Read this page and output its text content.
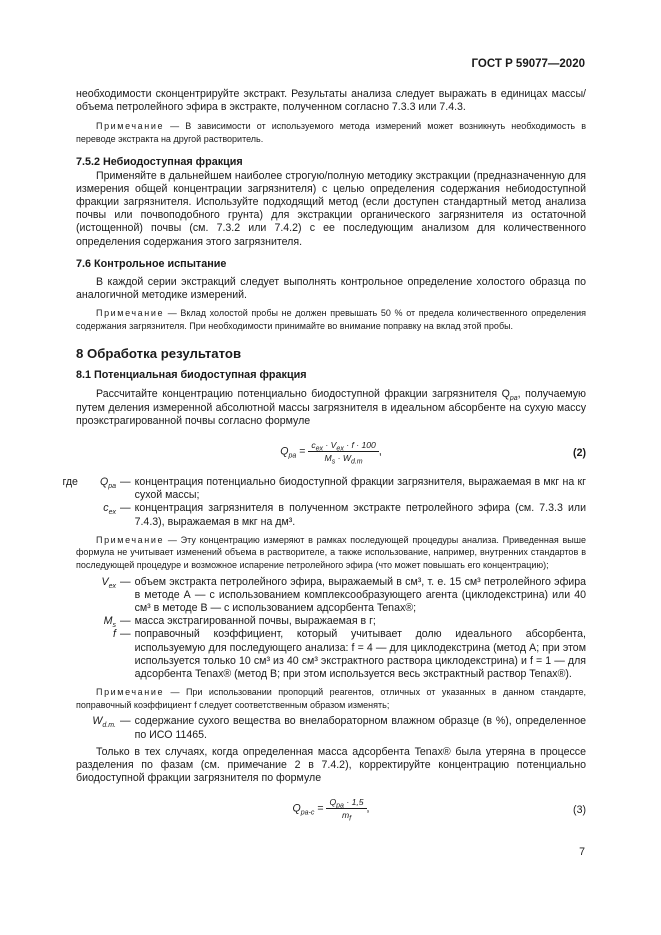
ГОСТ Р 59077—2020

необходимости сконцентрируйте экстракт. Результаты анализа следует выражать в единицах массы/объема петролейного эфира в экстракте, полученном согласно 7.3.3 или 7.4.3.

Примечание — В зависимости от используемого метода измерений может возникнуть необходимость в переводе экстракта на другой растворитель.

7.5.2 Небиодоступная фракция

Применяйте в дальнейшем наиболее строгую/полную методику экстракции (предназначенную для измерения общей концентрации загрязнителя) с целью определения содержания небиодоступной фракции загрязнителя. Используйте подходящий метод (если доступен стандартный метод анализа почвы или почвоподобного грунта) для экстракции органического загрязнителя из остаточной (истощенной) почвы (см. 7.3.2 или 7.4.2) с ее последующим анализом для количественного определения содержания этого загрязнителя.

7.6 Контрольное испытание

В каждой серии экстракций следует выполнять контрольное определение холостого образца по аналогичной методике измерений.

Примечание — Вклад холостой пробы не должен превышать 50 % от предела количественного определения содержания загрязнителя. При необходимости принимайте во внимание поправку на вклад этой пробы.

8 Обработка результатов
8.1 Потенциальная биодоступная фракция

Рассчитайте концентрацию потенциально биодоступной фракции загрязнителя $Q_{pa}$, получаемую путем деления измеренной абсолютной массы загрязнителя в идеальном абсорбенте на сухую массу проэкстрагированной почвы согласно формуле

$Q_{pa} = \frac{c_{ex} \cdot V_{ex} \cdot f \cdot 100}{M_s \cdot W_{d.m}}$ ,	(2)
где $Q_{pa}$ — концентрация потенциально биодоступной фракции загрязнителя, выражаемая в мкг на кг сухой массы;
$c_{ex}$ — концентрация загрязнителя в полученном экстракте петролейного эфира (см. 7.3.3 или 7.4.3), выражаемая в мкг на дм³.

Примечание — Эту концентрацию измеряют в рамках последующей процедуры анализа. Приведенная выше формула не учитывает изменений объема в растворителе, а также использование, например, внутренних стандартов в последующей процедуре и возможное испарение петролейного эфира (что может повышать его концентрацию);

$V_{ex}$ — объем экстракта петролейного эфира, выражаемый в см³, т. е. 15 см³ петролейного эфира в методе А — с использованием комплексообразующего агента (циклодекстрина) или 40 см³ в методе В — с использованием адсорбента Tenax®;
$M_s$ — масса экстрагированной почвы, выражаемая в г;
f — поправочный коэффициент, который учитывает долю идеального абсорбента, используемую для последующего анализа: f = 4 — для циклодекстрина (метод А; при этом используется только 10 см³ из 40 см³ экстрактного раствора циклодекстрина) и f = 1 — для адсорбента Tenax® (метод В; при этом используется весь экстрактный раствор Tenax®).

Примечание — При использовании пропорций реагентов, отличных от указанных в данном стандарте, поправочный коэффициент f следует соответственным образом изменять;

$W_{d.m.}$ — содержание сухого вещества во внелабораторном влажном образце (в %), определенное по ИСО 11465.

Только в тех случаях, когда определенная масса адсорбента Tenax® была утеряна в процессе разделения по фазам (см. примечание 2 в 7.4.2), корректируйте концентрацию потенциально биодоступной фракции загрязнителя по формуле

$Q_{pa-c} = \frac{Q_{pa} \cdot 1,5}{m_f}$ ,	(3)
7
